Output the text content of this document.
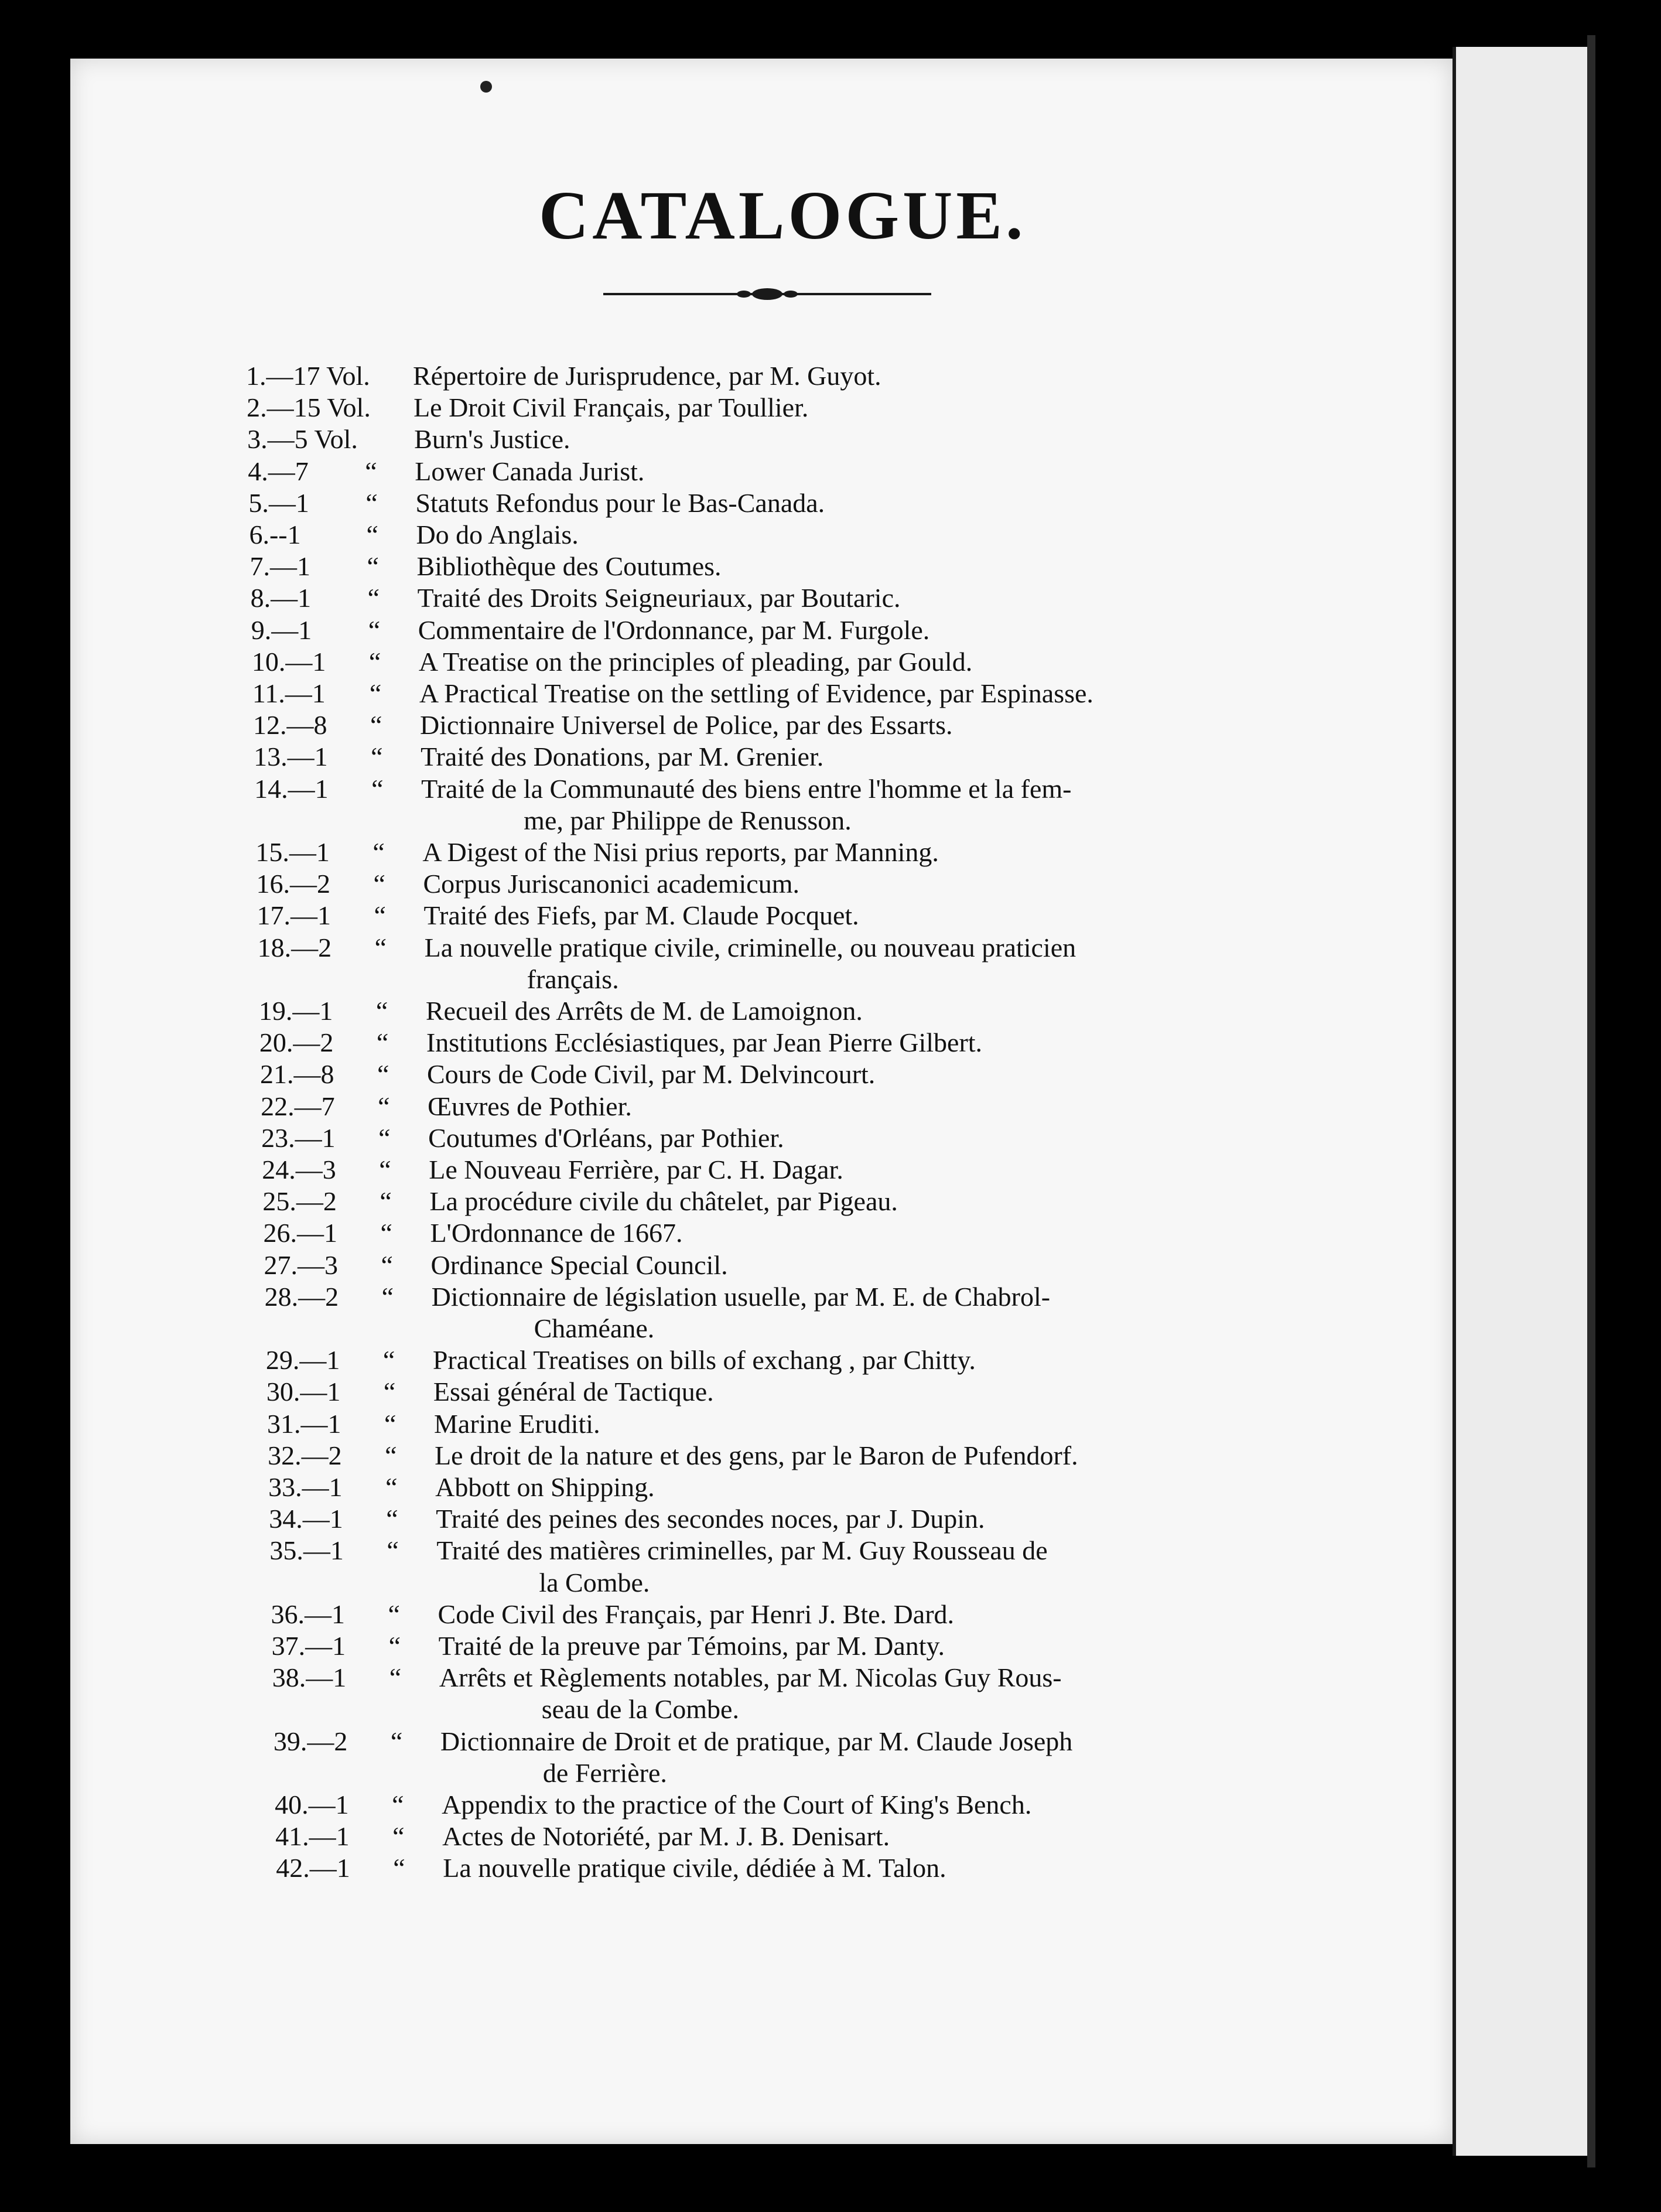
CATALOGUE.
1.—17 Vol. Répertoire de Jurisprudence, par M. Guyot.
2.—15 Vol. Le Droit Civil Français, par Toullier.
3.—5 Vol. Burn's Justice.
4.—7 “ Lower Canada Jurist.
5.—1 “ Statuts Refondus pour le Bas-Canada.
6.--1 “ Do do Anglais.
7.—1 “ Bibliothèque des Coutumes.
8.—1 “ Traité des Droits Seigneuriaux, par Boutaric.
9.—1 “ Commentaire de l'Ordonnance, par M. Furgole.
10.—1 “ A Treatise on the principles of pleading, par Gould.
11.—1 “ A Practical Treatise on the settling of Evidence, par Espinasse.
12.—8 “ Dictionnaire Universel de Police, par des Essarts.
13.—1 “ Traité des Donations, par M. Grenier.
14.—1 “ Traité de la Communauté des biens entre l'homme et la fem-
me, par Philippe de Renusson.
15.—1 “ A Digest of the Nisi prius reports, par Manning.
16.—2 “ Corpus Juriscanonici academicum.
17.—1 “ Traité des Fiefs, par M. Claude Pocquet.
18.—2 “ La nouvelle pratique civile, criminelle, ou nouveau praticien
français.
19.—1 “ Recueil des Arrêts de M. de Lamoignon.
20.—2 “ Institutions Ecclésiastiques, par Jean Pierre Gilbert.
21.—8 “ Cours de Code Civil, par M. Delvincourt.
22.—7 “ Œuvres de Pothier.
23.—1 “ Coutumes d'Orléans, par Pothier.
24.—3 “ Le Nouveau Ferrière, par C. H. Dagar.
25.—2 “ La procédure civile du châtelet, par Pigeau.
26.—1 “ L'Ordonnance de 1667.
27.—3 “ Ordinance Special Council.
28.—2 “ Dictionnaire de législation usuelle, par M. E. de Chabrol-
Chaméane.
29.—1 “ Practical Treatises on bills of exchang , par Chitty.
30.—1 “ Essai général de Tactique.
31.—1 “ Marine Eruditi.
32.—2 “ Le droit de la nature et des gens, par le Baron de Pufendorf.
33.—1 “ Abbott on Shipping.
34.—1 “ Traité des peines des secondes noces, par J. Dupin.
35.—1 “ Traité des matières criminelles, par M. Guy Rousseau de
la Combe.
36.—1 “ Code Civil des Français, par Henri J. Bte. Dard.
37.—1 “ Traité de la preuve par Témoins, par M. Danty.
38.—1 “ Arrêts et Règlements notables, par M. Nicolas Guy Rous-
seau de la Combe.
39.—2 “ Dictionnaire de Droit et de pratique, par M. Claude Joseph
de Ferrière.
40.—1 “ Appendix to the practice of the Court of King's Bench.
41.—1 “ Actes de Notoriété, par M. J. B. Denisart.
42.—1 “ La nouvelle pratique civile, dédiée à M. Talon.
